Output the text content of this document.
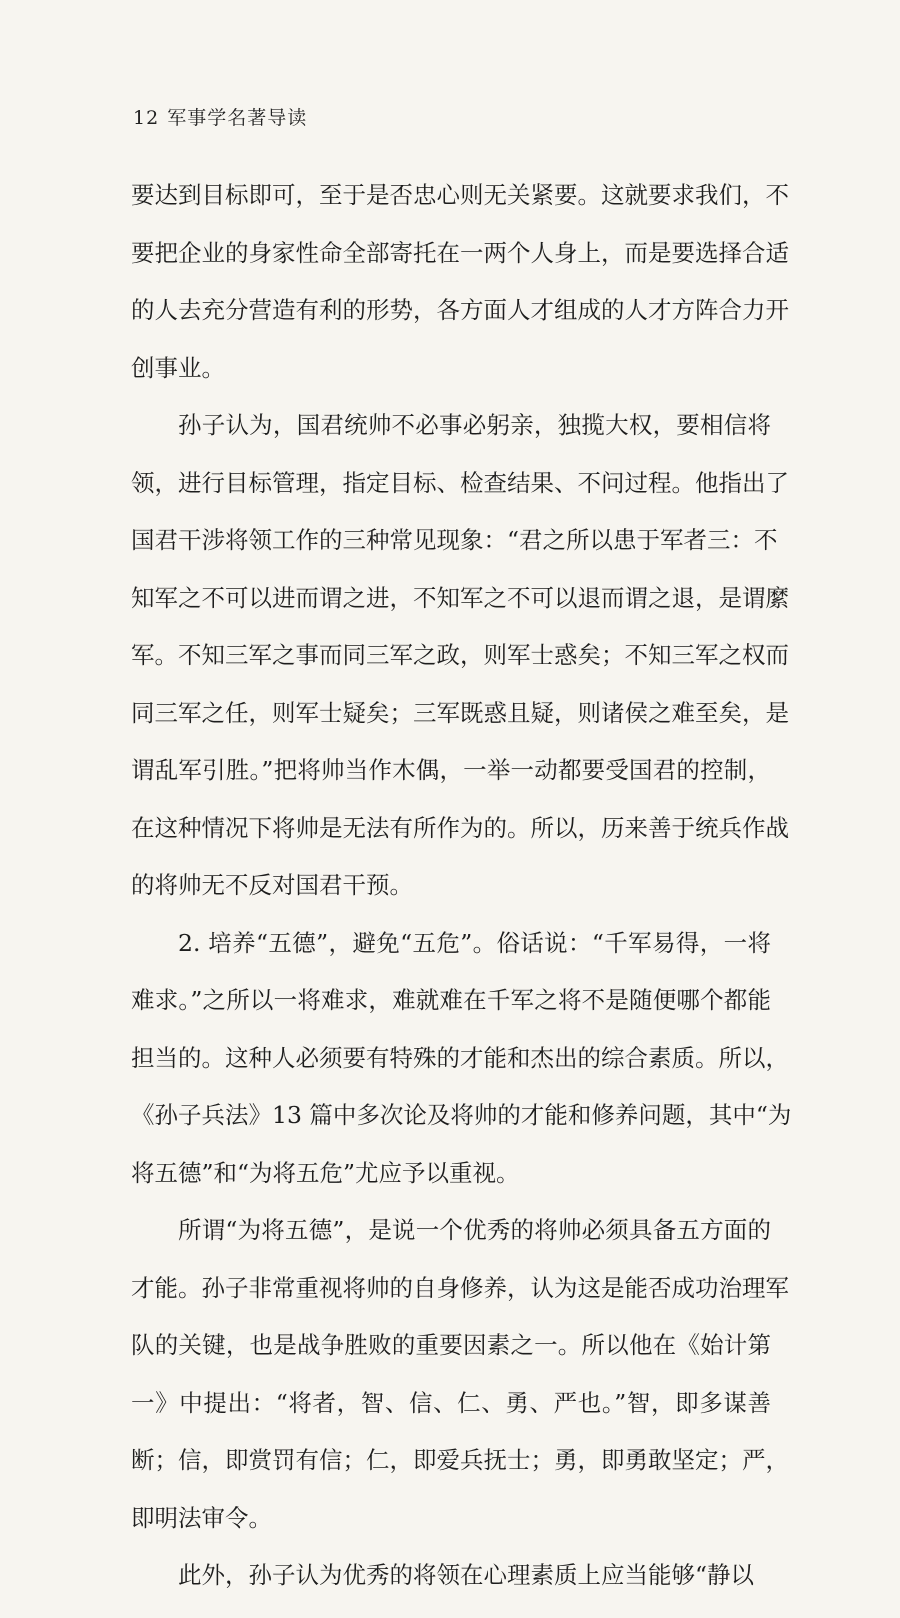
12 军事学名著导读
要达到目标即可，至于是否忠心则无关紧要。这就要求我们，不
要把企业的身家性命全部寄托在一两个人身上，而是要选择合适
的人去充分营造有利的形势，各方面人才组成的人才方阵合力开
创事业。
孙子认为，国君统帅不必事必躬亲，独揽大权，要相信将
领，进行目标管理，指定目标、检查结果、不问过程。他指出了
国君干涉将领工作的三种常见现象：“君之所以患于军者三：不
知军之不可以进而谓之进，不知军之不可以退而谓之退，是谓縻
军。不知三军之事而同三军之政，则军士惑矣；不知三军之权而
同三军之任，则军士疑矣；三军既惑且疑，则诸侯之难至矣，是
谓乱军引胜。”把将帅当作木偶，一举一动都要受国君的控制，
在这种情况下将帅是无法有所作为的。所以，历来善于统兵作战
的将帅无不反对国君干预。
2. 培养“五德”，避免“五危”。俗话说：“千军易得，一将
难求。”之所以一将难求，难就难在千军之将不是随便哪个都能
担当的。这种人必须要有特殊的才能和杰出的综合素质。所以，
《孙子兵法》13 篇中多次论及将帅的才能和修养问题，其中“为
将五德”和“为将五危”尤应予以重视。
所谓“为将五德”，是说一个优秀的将帅必须具备五方面的
才能。孙子非常重视将帅的自身修养，认为这是能否成功治理军
队的关键，也是战争胜败的重要因素之一。所以他在《始计第
一》中提出：“将者，智、信、仁、勇、严也。”智，即多谋善
断；信，即赏罚有信；仁，即爱兵抚士；勇，即勇敢坚定；严，
即明法审令。
此外，孙子认为优秀的将领在心理素质上应当能够“静以
